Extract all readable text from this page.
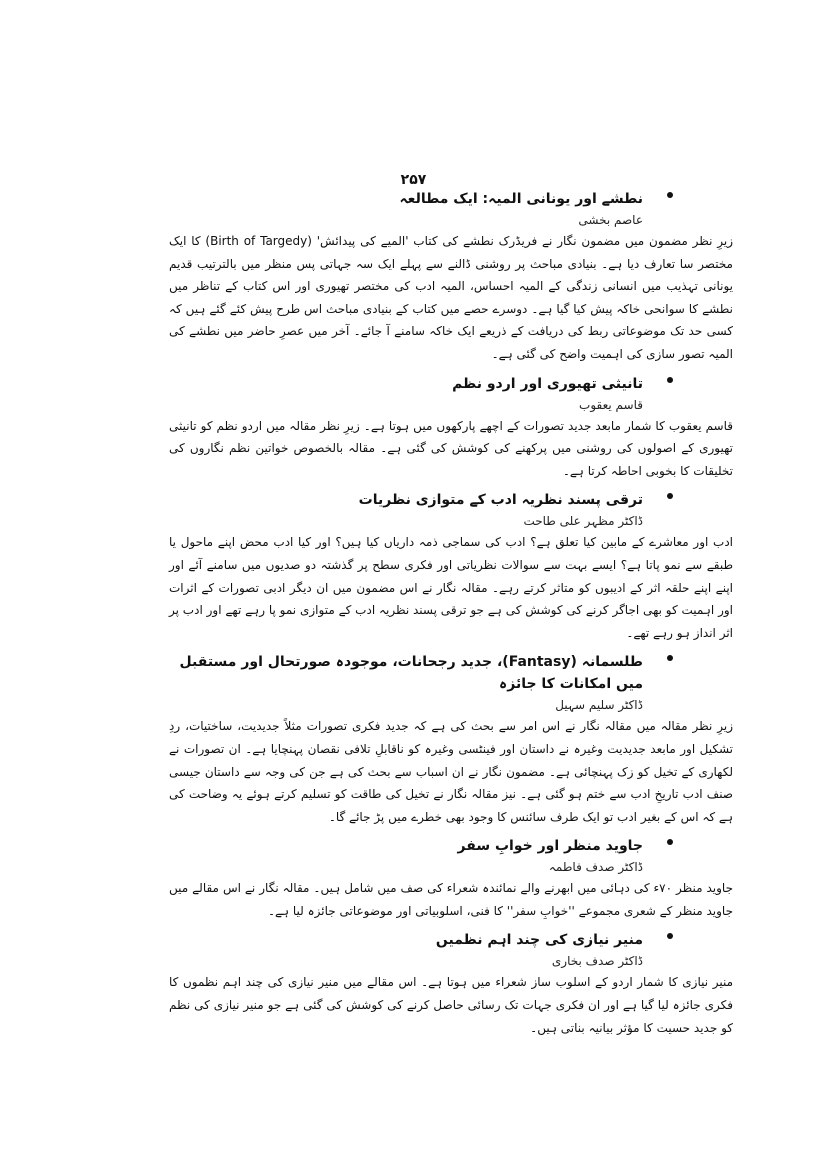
۲۵۷
نطشے اور یونانی المیہ: ایک مطالعہ
عاصم بخشی
زیرِ نظر مضمون میں مضمون نگار نے فریڈرک نطشے کی کتاب 'المیے کی پیدائش' (Birth of Targedy) کا ایک مختصر سا تعارف دیا ہے۔ بنیادی مباحث پر روشنی ڈالنے سے پہلے ایک سہ جہاتی پس منظر میں بالترتیب قدیم یونانی تہذیب میں انسانی زندگی کے المیہ احساس، المیہ ادب کی مختصر تھیوری اور اس کتاب کے تناظر میں نطشے کا سوانحی خاکہ پیش کیا گیا ہے۔ دوسرے حصے میں کتاب کے بنیادی مباحث اس طرح پیش کئے گئے ہیں کہ کسی حد تک موضوعاتی ربط کی دریافت کے ذریعے ایک خاکہ سامنے آ جائے۔ آخر میں عصرِ حاضر میں نطشے کی المیہ تصور سازی کی اہمیت واضح کی گئی ہے۔
تانیثی تھیوری اور اردو نظم
قاسم یعقوب
قاسم یعقوب کا شمار مابعد جدید تصورات کے اچھے پارکھوں میں ہوتا ہے۔ زیرِ نظر مقالہ میں اردو نظم کو تانیثی تھیوری کے اصولوں کی روشنی میں پرکھنے کی کوشش کی گئی ہے۔ مقالہ بالخصوص خواتین نظم نگاروں کی تخلیقات کا بخوبی احاطہ کرتا ہے۔
ترقی پسند نظریہ ادب کے متوازی نظریات
ڈاکٹر مظہر علی طاحت
ادب اور معاشرے کے مابین کیا تعلق ہے؟ ادب کی سماجی ذمہ داریاں کیا ہیں؟ اور کیا ادب محض اپنے ماحول یا طبقے سے نمو پاتا ہے؟ ایسے بہت سے سوالات نظریاتی اور فکری سطح پر گذشتہ دو صدیوں میں سامنے آئے اور اپنے اپنے حلقہ اثر کے ادیبوں کو متاثر کرتے رہے۔ مقالہ نگار نے اس مضمون میں ان دیگر ادبی تصورات کے اثرات اور اہمیت کو بھی اجاگر کرنے کی کوشش کی ہے جو ترقی پسند نظریہ ادب کے متوازی نمو پا رہے تھے اور ادب پر اثر انداز ہو رہے تھے۔
طلسمانہ (Fantasy)، جدید رجحانات، موجودہ صورتحال اور مستقبل میں امکانات کا جائزہ
ڈاکٹر سلیم سہیل
زیرِ نظر مقالہ میں مقالہ نگار نے اس امر سے بحث کی ہے کہ جدید فکری تصورات مثلاً جدیدیت، ساختیات، ردِ تشکیل اور مابعد جدیدیت وغیرہ نے داستان اور فینٹسی وغیرہ کو ناقابلِ تلافی نقصان پہنچایا ہے۔ ان تصورات نے لکھاری کے تخیل کو زک پہنچائی ہے۔ مضمون نگار نے ان اسباب سے بحث کی ہے جن کی وجہ سے داستان جیسی صنف ادب تاریخِ ادب سے ختم ہو گئی ہے۔ نیز مقالہ نگار نے تخیل کی طاقت کو تسلیم کرتے ہوئے یہ وضاحت کی ہے کہ اس کے بغیر ادب تو ایک طرف سائنس کا وجود بھی خطرے میں پڑ جائے گا۔
جاوید منظر اور خوابِ سفر
ڈاکٹر صدف فاطمہ
جاوید منظر ۷۰ء کی دہائی میں ابھرنے والے نمائندہ شعراء کی صف میں شامل ہیں۔ مقالہ نگار نے اس مقالے میں جاوید منظر کے شعری مجموعے ''خوابِ سفر'' کا فنی، اسلوبیاتی اور موضوعاتی جائزہ لیا ہے۔
منیر نیازی کی چند اہم نظمیں
ڈاکٹر صدف بخاری
منیر نیازی کا شمار اردو کے اسلوب ساز شعراء میں ہوتا ہے۔ اس مقالے میں منیر نیازی کی چند اہم نظموں کا فکری جائزہ لیا گیا ہے اور ان فکری جہات تک رسائی حاصل کرنے کی کوشش کی گئی ہے جو منیر نیازی کی نظم کو جدید حسیت کا مؤثر بیانیہ بناتی ہیں۔
